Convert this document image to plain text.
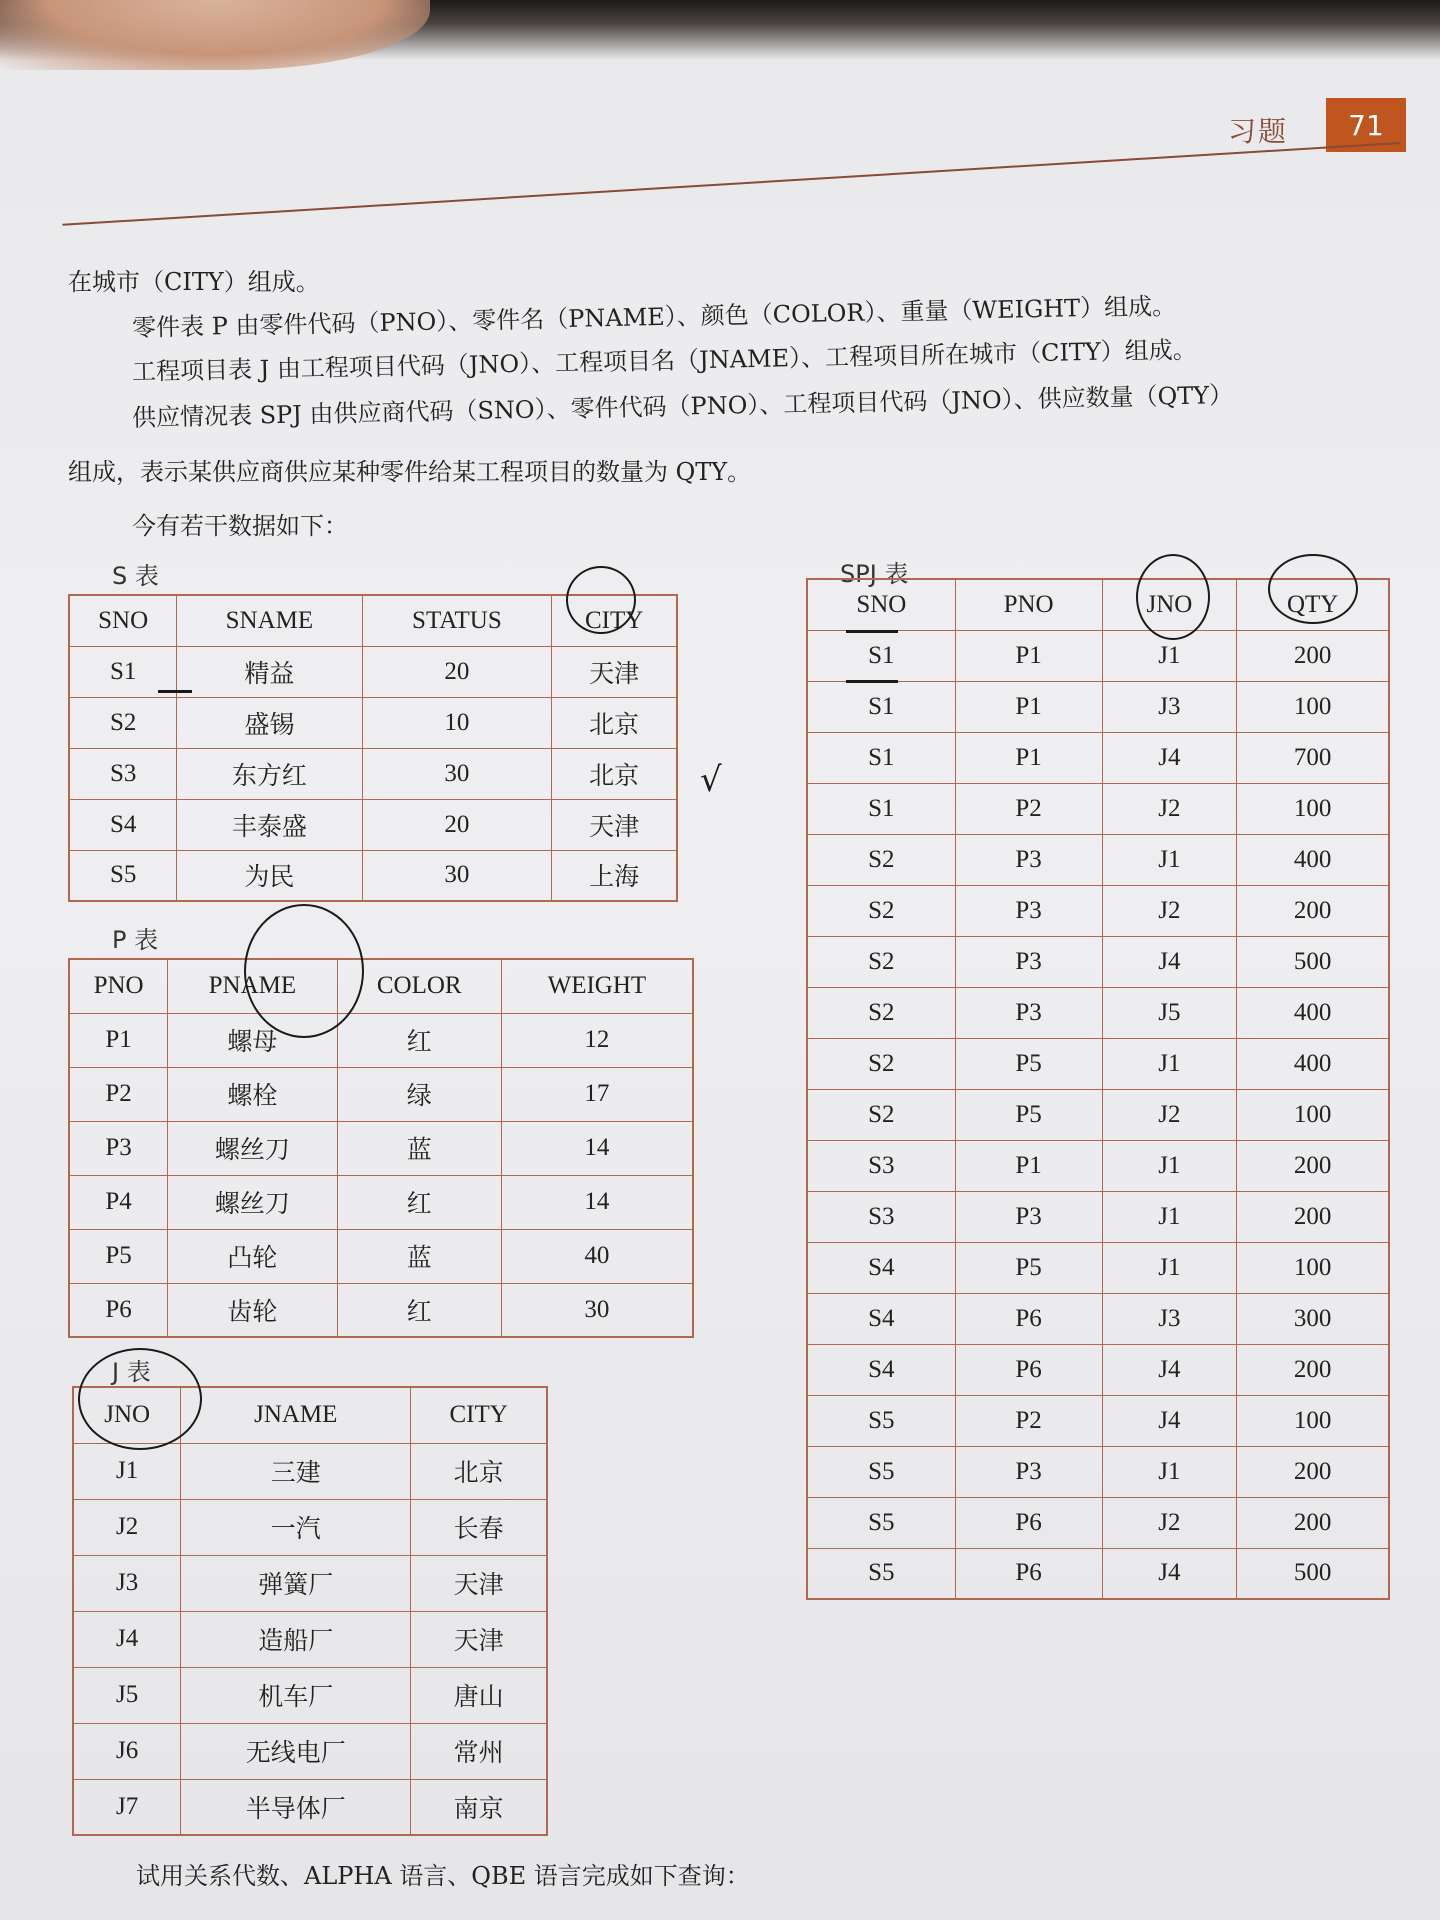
习题	71
在城市（CITY）组成。
零件表 P 由零件代码（PNO）、零件名（PNAME）、颜色（COLOR）、重量（WEIGHT）组成。
工程项目表 J 由工程项目代码（JNO）、工程项目名（JNAME）、工程项目所在城市（CITY）组成。
供应情况表 SPJ 由供应商代码（SNO）、零件代码（PNO）、工程项目代码（JNO）、供应数量（QTY）
组成，表示某供应商供应某种零件给某工程项目的数量为 QTY。
今有若干数据如下：
S 表
SNO	SNAME	STATUS	CITY
S1	精益	20	天津
S2	盛锡	10	北京
S3	东方红	30	北京
S4	丰泰盛	20	天津
S5	为民	30	上海
P 表
PNO	PNAME	COLOR	WEIGHT
P1	螺母	红	12
P2	螺栓	绿	17
P3	螺丝刀	蓝	14
P4	螺丝刀	红	14
P5	凸轮	蓝	40
P6	齿轮	红	30
J 表
JNO	JNAME	CITY
J1	三建	北京
J2	一汽	长春
J3	弹簧厂	天津
J4	造船厂	天津
J5	机车厂	唐山
J6	无线电厂	常州
J7	半导体厂	南京
SPJ 表
SNO	PNO	JNO	QTY
S1	P1	J1	200
S1	P1	J3	100
S1	P1	J4	700
S1	P2	J2	100
S2	P3	J1	400
S2	P3	J2	200
S2	P3	J4	500
S2	P3	J5	400
S2	P5	J1	400
S2	P5	J2	100
S3	P1	J1	200
S3	P3	J1	200
S4	P5	J1	100
S4	P6	J3	300
S4	P6	J4	200
S5	P2	J4	100
S5	P3	J1	200
S5	P6	J2	200
S5	P6	J4	500
试用关系代数、ALPHA 语言、QBE 语言完成如下查询：
√
